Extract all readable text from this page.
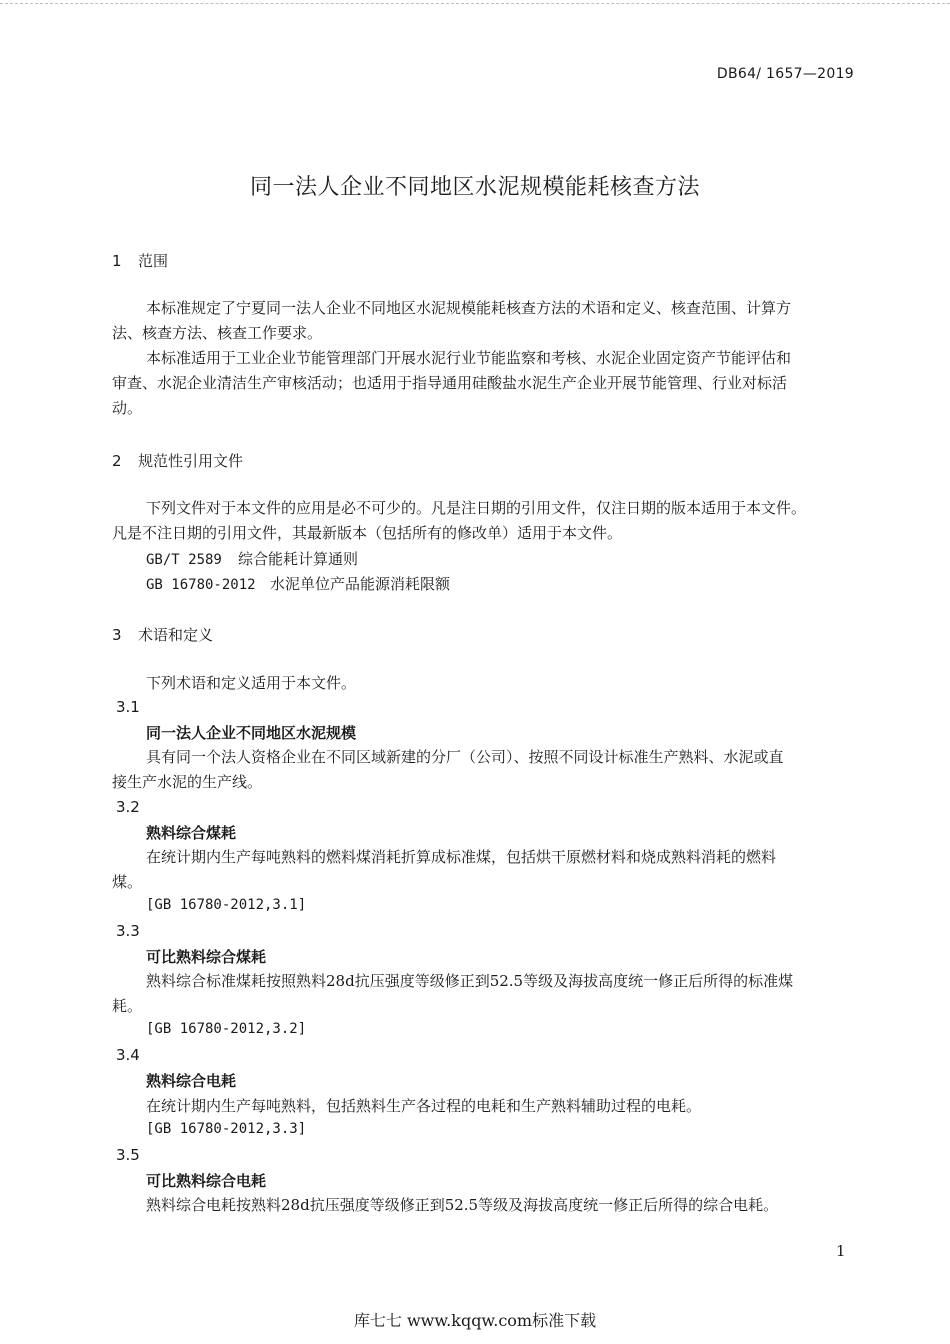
DB64/ 1657—2019
同一法人企业不同地区水泥规模能耗核查方法
1 范围
本标准规定了宁夏同一法人企业不同地区水泥规模能耗核查方法的术语和定义、核查范围、计算方
法、核查方法、核查工作要求。
本标准适用于工业企业节能管理部门开展水泥行业节能监察和考核、水泥企业固定资产节能评估和
审查、水泥企业清洁生产审核活动；也适用于指导通用硅酸盐水泥生产企业开展节能管理、行业对标活
动。
2 规范性引用文件
下列文件对于本文件的应用是必不可少的。凡是注日期的引用文件，仅注日期的版本适用于本文件。
凡是不注日期的引用文件，其最新版本（包括所有的修改单）适用于本文件。
GB/T 2589 综合能耗计算通则
GB 16780-2012 水泥单位产品能源消耗限额
3 术语和定义
下列术语和定义适用于本文件。
3.1
同一法人企业不同地区水泥规模
具有同一个法人资格企业在不同区域新建的分厂（公司）、按照不同设计标准生产熟料、水泥或直
接生产水泥的生产线。
3.2
熟料综合煤耗
在统计期内生产每吨熟料的燃料煤消耗折算成标准煤，包括烘干原燃材料和烧成熟料消耗的燃料
煤。
[GB 16780-2012,3.1]
3.3
可比熟料综合煤耗
熟料综合标准煤耗按照熟料28d抗压强度等级修正到52.5等级及海拔高度统一修正后所得的标准煤
耗。
[GB 16780-2012,3.2]
3.4
熟料综合电耗
在统计期内生产每吨熟料，包括熟料生产各过程的电耗和生产熟料辅助过程的电耗。
[GB 16780-2012,3.3]
3.5
可比熟料综合电耗
熟料综合电耗按熟料28d抗压强度等级修正到52.5等级及海拔高度统一修正后所得的综合电耗。
1
库七七 www.kqqw.com标准下载
